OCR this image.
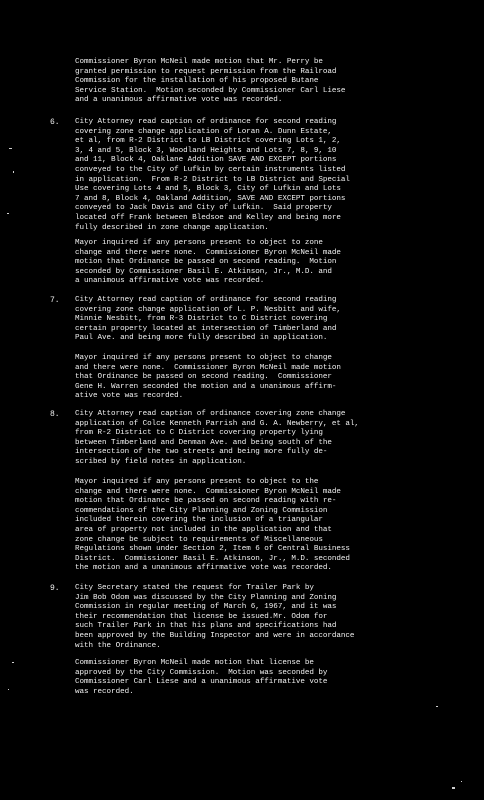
Commissioner Byron McNeil made motion that Mr. Perry be
granted permission to request permission from the Railroad
Commission for the installation of his proposed Butane
Service Station.  Motion seconded by Commissioner Carl Liese
and a unanimous affirmative vote was recorded.

6. City Attorney read caption of ordinance for second reading
covering zone change application of Loran A. Dunn Estate,
et al, from R-2 District to LB District covering Lots 1, 2,
3, 4 and 5, Block 3, Woodland Heights and Lots 7, 8, 9, 10
and 11, Block 4, Oaklane Addition SAVE AND EXCEPT portions
conveyed to the City of Lufkin by certain instruments listed
in application.  From R-2 District to LB District and Special
Use covering Lots 4 and 5, Block 3, City of Lufkin and Lots
7 and 8, Block 4, Oakland Addition, SAVE AND EXCEPT portions
conveyed to Jack Davis and City of Lufkin.  Said property
located off Frank between Bledsoe and Kelley and being more
fully described in zone change application.

Mayor inquired if any persons present to object to zone
change and there were none.  Commissioner Byron McNeil made
motion that Ordinance be passed on second reading.  Motion
seconded by Commissioner Basil E. Atkinson, Jr., M.D. and
a unanimous affirmative vote was recorded.

7. City Attorney read caption of ordinance for second reading
covering zone change application of L. P. Nesbitt and wife,
Minnie Nesbitt, from R-3 District to C District covering
certain property located at intersection of Timberland and
Paul Ave. and being more fully described in application.

Mayor inquired if any persons present to object to change
and there were none.  Commissioner Byron McNeil made motion
that Ordinance be passed on second reading.  Commissioner
Gene H. Warren seconded the motion and a unanimous affirm-
ative vote was recorded.

8. City Attorney read caption of ordinance covering zone change
application of Colce Kenneth Parrish and G. A. Newberry, et al,
from R-2 District to C District covering property lying
between Timberland and Denman Ave. and being south of the
intersection of the two streets and being more fully de-
scribed by field notes in application.

Mayor inquired if any persons present to object to the
change and there were none.  Commissioner Byron McNeil made
motion that Ordinance be passed on second reading with re-
commendations of the City Planning and Zoning Commission
included therein covering the inclusion of a triangular
area of property not included in the application and that
zone change be subject to requirements of Miscellaneous
Regulations shown under Section 2, Item 6 of Central Business
District.  Commissioner Basil E. Atkinson, Jr., M.D. seconded
the motion and a unanimous affirmative vote was recorded.

9. City Secretary stated the request for Trailer Park by
Jim Bob Odom was discussed by the City Planning and Zoning
Commission in regular meeting of March 6, 1967, and it was
their recommendation that license be issued.Mr. Odom for
such Trailer Park in that his plans and specifications had
been approved by the Building Inspector and were in accordance
with the Ordinance.

Commissioner Byron McNeil made motion that license be
approved by the City Commission.  Motion was seconded by
Commissioner Carl Liese and a unanimous affirmative vote
was recorded.
